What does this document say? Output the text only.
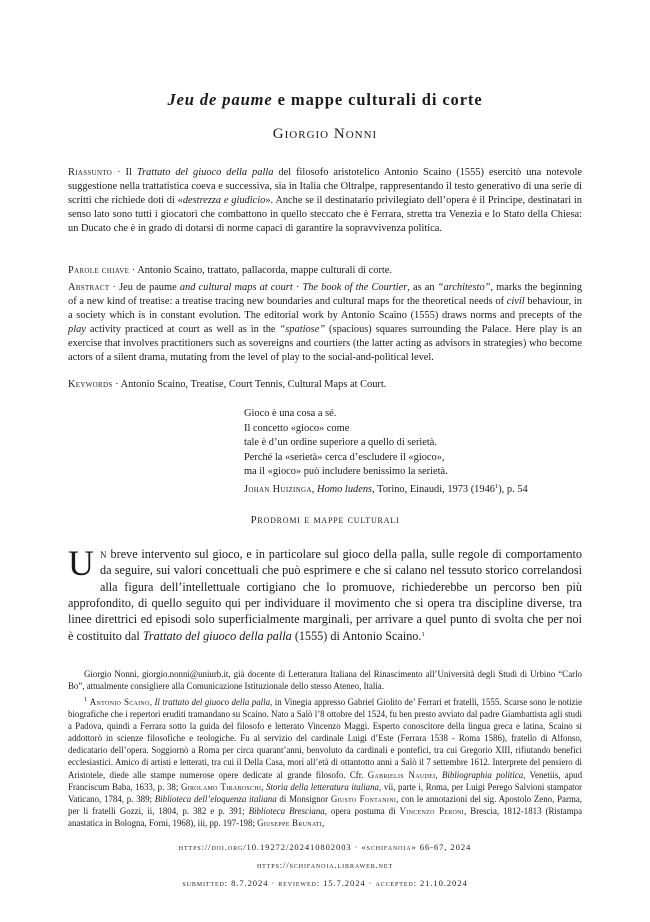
Jeu de paume e mappe culturali di corte
Giorgio Nonni

Riassunto · Il Trattato del giuoco della palla del filosofo aristotelico Antonio Scaino (1555) esercitò una notevole suggestione nella trattatistica coeva e successiva, sia in Italia che Oltralpe, rappresentando il testo generativo di una serie di scritti che richiede doti di «destrezza e giudicio». Anche se il destinatario privilegiato dell’opera è il Principe, destinatari in senso lato sono tutti i giocatori che combattono in quello steccato che è Ferrara, stretta tra Venezia e lo Stato della Chiesa: un Ducato che è in grado di dotarsi di norme capaci di garantire la sopravvivenza politica.

Parole chiave · Antonio Scaino, trattato, pallacorda, mappe culturali di corte.

Abstract · Jeu de paume and cultural maps at court · The book of the Courtier, as an “architesto”, marks the beginning of a new kind of treatise: a treatise tracing new boundaries and cultural maps for the theoretical needs of civil behaviour, in a society which is in constant evolution. The editorial work by Antonio Scaino (1555) draws norms and precepts of the play activity practiced at court as well as in the “spatiose” (spacious) squares surrounding the Palace. Here play is an exercise that involves practitioners such as sovereigns and courtiers (the latter acting as advisors in strategies) who become actors of a silent drama, mutating from the level of play to the social-and-political level.

Keywords · Antonio Scaino, Treatise, Court Tennis, Cultural Maps at Court.

Gioco è una cosa a sé.
Il concetto «gioco» come
tale è d’un ordine superiore a quello di serietà.
Perché la «serietà» cerca d’escludere il «gioco»,
ma il «gioco» può includere benissimo la serietà.
Johan Huizinga, Homo ludens, Torino, Einaudi, 1973 (1946$^1$), p. 54
Prodromi e mappe culturali

Un breve intervento sul gioco, e in particolare sul gioco della palla, sulle regole di comportamento da seguire, sui valori concettuali che può esprimere e che si calano nel tessuto storico correlandosi alla figura dell’intellettuale cortigiano che lo promuove, richiederebbe un percorso ben più approfondito, di quello seguito qui per individuare il movimento che si opera tra discipline diverse, tra linee direttrici ed episodi solo superficialmente marginali, per arrivare a quel punto di svolta che per noi è costituito dal Trattato del giuoco della palla (1555) di Antonio Scaino.$^1$

Giorgio Nonni, giorgio.nonni@uniurb.it, già docente di Letteratura Italiana del Rinascimento all’Università degli Studi di Urbino “Carlo Bo”, attualmente consigliere alla Comunicazione Istituzionale dello stesso Ateneo, Italia.

$^1$ Antonio Scaino, Il trattato del giuoco della palla, in Vinegia appresso Gabriel Giolito de’ Ferrari et fratelli, 1555. Scarse sono le notizie biografiche che i repertori eruditi tramandano su Scaino. Nato a Salò l’8 ottobre del 1524, fu ben presto avviato dal padre Giambattista agli studi a Padova, quindi a Ferrara sotto la guida del filosofo e letterato Vincenzo Maggi. Esperto conoscitore della lingua greca e latina, Scaino si addottorò in scienze filosofiche e teologiche. Fu al servizio del cardinale Luigi d’Este (Ferrara 1538 - Roma 1586), fratello di Alfonso, dedicatario dell’opera. Soggiornò a Roma per circa quarant’anni, benvoluto da cardinali e pontefici, tra cui Gregorio XIII, rifiutando benefici ecclesiastici. Amico di artisti e letterati, tra cui il Della Casa, morì all’età di ottantotto anni a Salò il 7 settembre 1612. Interprete del pensiero di Aristotele, diede alle stampe numerose opere dedicate al grande filosofo. Cfr. Gabrielis Naudei, Bibliographia politica, Venetiis, apud Franciscum Baba, 1633, p. 38; Girolamo Tiraboschi, Storia della letteratura italiana, vii, parte i, Roma, per Luigi Perego Salvioni stampator Vaticano, 1784, p. 389; Biblioteca dell’eloquenza italiana di Monsignor Giusto Fontanini, con le annotazioni del sig. Apostolo Zeno, Parma, per li fratelli Gozzi, ii, 1804, p. 382 e p. 391; Biblioteca Bresciana, opera postuma di Vincenzo Peroni, Brescia, 1812-1813 (Ristampa anastatica in Bologna, Forni, 1968), iii, pp. 197-198; Giuseppe Brunati,

https://doi.org/10.19272/202410802003 · «schifanoia» 66-67, 2024
https://schifanoia.libraweb.net
submitted: 8.7.2024 · reviewed: 15.7.2024 · accepted: 21.10.2024
